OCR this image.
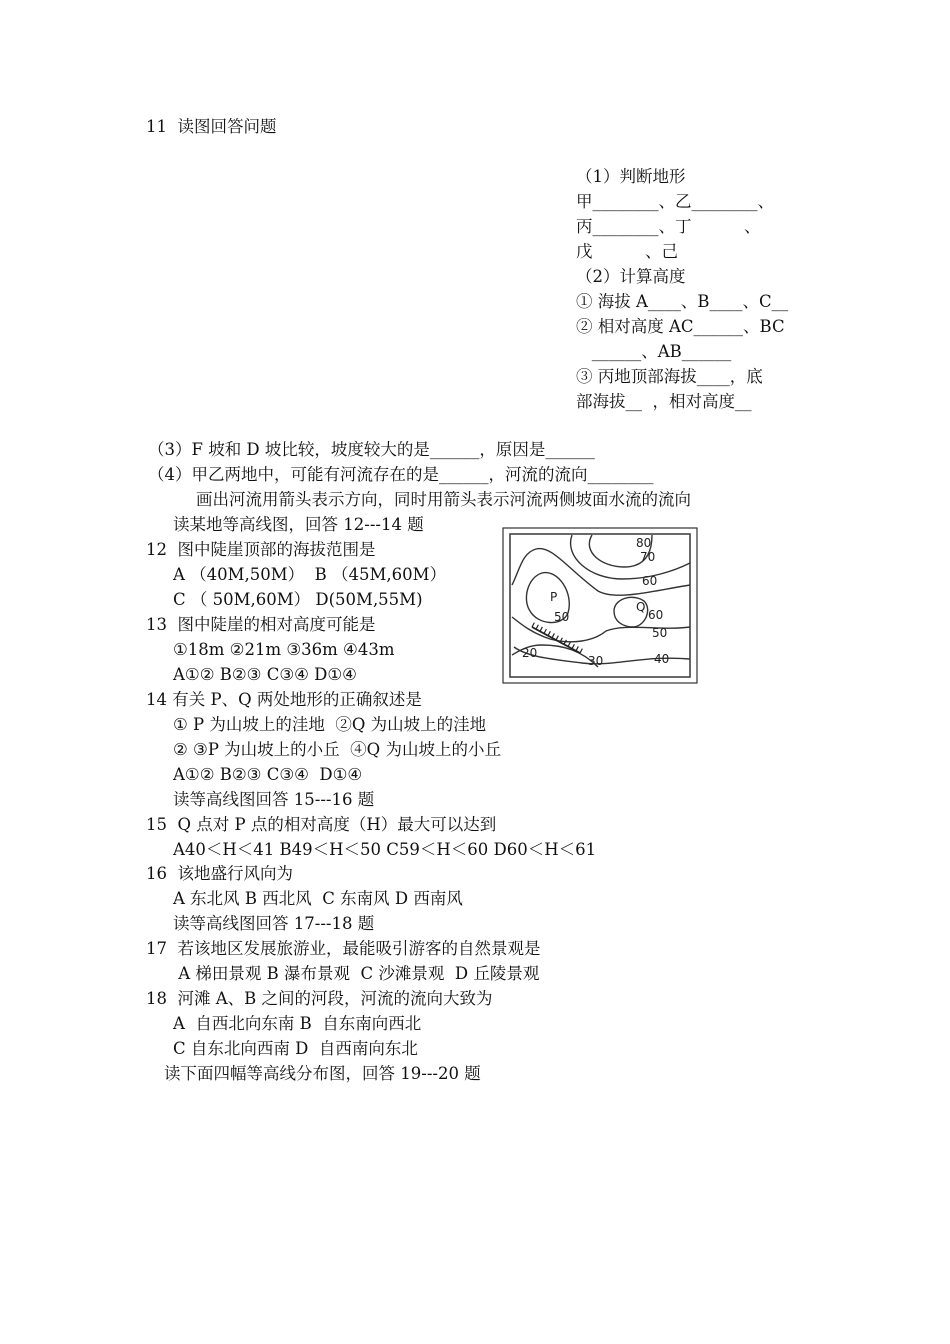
11  读图回答问题
（1）判断地形
甲________、乙________、
丙________、丁          、
戊          、己
（2）计算高度
① 海拔 A____、B____、C__
② 相对高度 AC______、BC
______、AB______
③ 丙地顶部海拔____，底
部海拔__  ，相对高度__
（3）F 坡和 D 坡比较，坡度较大的是______，原因是______
（4）甲乙两地中，可能有河流存在的是______，河流的流向________
画出河流用箭头表示方向，同时用箭头表示河流两侧坡面水流的流向
读某地等高线图，回答 12---14 题
12  图中陡崖顶部的海拔范围是
A （40M,50M）  B （45M,60M）
C （ 50M,60M） D(50M,55M)
13  图中陡崖的相对高度可能是
①18m ②21m ③36m ④43m
A①② B②③ C③④ D①④
80
70
60
P
50
Q
60
50
40
20
30
14 有关 P、Q 两处地形的正确叙述是
① P 为山坡上的洼地  ②Q 为山坡上的洼地
② ③P 为山坡上的小丘  ④Q 为山坡上的小丘
A①② B②③ C③④  D①④
读等高线图回答 15---16 题
15  Q 点对 P 点的相对高度（H）最大可以达到
A40＜H＜41 B49＜H＜50 C59＜H＜60 D60＜H＜61
16  该地盛行风向为
A 东北风 B 西北风  C 东南风 D 西南风
读等高线图回答 17---18 题
17  若该地区发展旅游业，最能吸引游客的自然景观是
A 梯田景观 B 瀑布景观  C 沙滩景观  D 丘陵景观
18  河滩 A、B 之间的河段，河流的流向大致为
A  自西北向东南 B  自东南向西北
C 自东北向西南 D  自西南向东北
读下面四幅等高线分布图，回答 19---20 题
